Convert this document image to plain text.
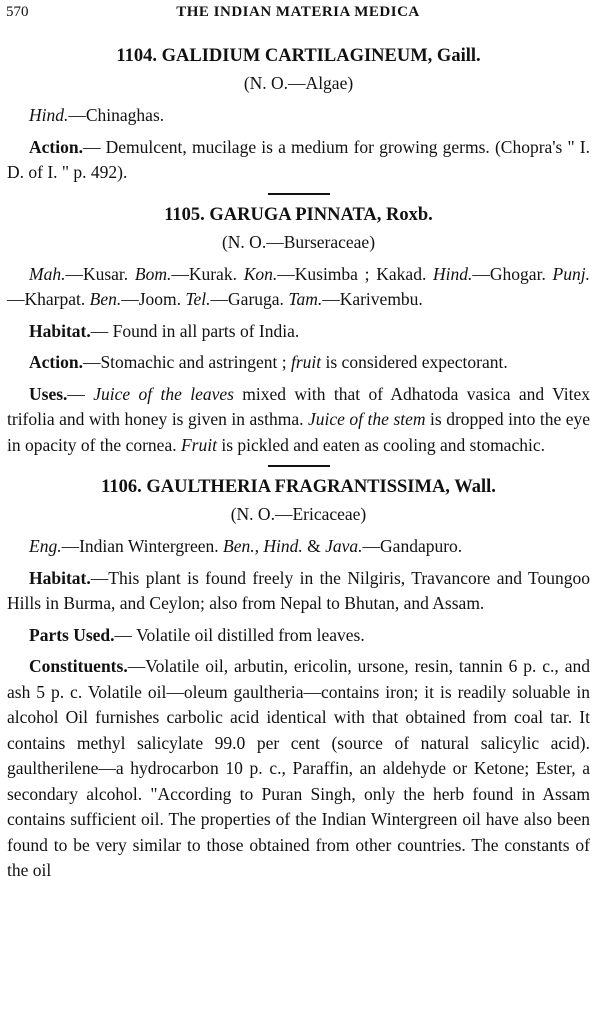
570	THE INDIAN MATERIA MEDICA
1104. GALIDIUM CARTILAGINEUM, Gaill.
(N. O.—Algae)

Hind.—Chinaghas.

Action.— Demulcent, mucilage is a medium for growing germs. (Chopra's " I. D. of I. " p. 492).

1105. GARUGA PINNATA, Roxb.
(N. O.—Burseraceae)

Mah.—Kusar. Bom.—Kurak. Kon.—Kusimba ; Kakad. Hind.—Ghogar. Punj.—Kharpat. Ben.—Joom. Tel.—Garuga. Tam.—Karivembu.

Habitat.— Found in all parts of India.

Action.—Stomachic and astringent ; fruit is considered expectorant.

Uses.— Juice of the leaves mixed with that of Adhatoda vasica and Vitex trifolia and with honey is given in asthma. Juice of the stem is dropped into the eye in opacity of the cornea. Fruit is pickled and eaten as cooling and stomachic.

1106. GAULTHERIA FRAGRANTISSIMA, Wall.
(N. O.—Ericaceae)

Eng.—Indian Wintergreen. Ben., Hind. & Java.—Gandapuro.

Habitat.—This plant is found freely in the Nilgiris, Travancore and Toungoo Hills in Burma, and Ceylon; also from Nepal to Bhutan, and Assam.

Parts Used.— Volatile oil distilled from leaves.

Constituents.—Volatile oil, arbutin, ericolin, ursone, resin, tannin 6 p. c., and ash 5 p. c. Volatile oil—oleum gaultheria—contains iron; it is readily soluable in alcohol Oil furnishes carbolic acid identical with that obtained from coal tar. It contains methyl salicylate 99.0 per cent (source of natural salicylic acid). gaultherilene—a hydrocarbon 10 p. c., Paraffin, an aldehyde or Ketone; Ester, a secondary alcohol. "According to Puran Singh, only the herb found in Assam contains sufficient oil. The properties of the Indian Wintergreen oil have also been found to be very similar to those obtained from other countries. The constants of the oil
